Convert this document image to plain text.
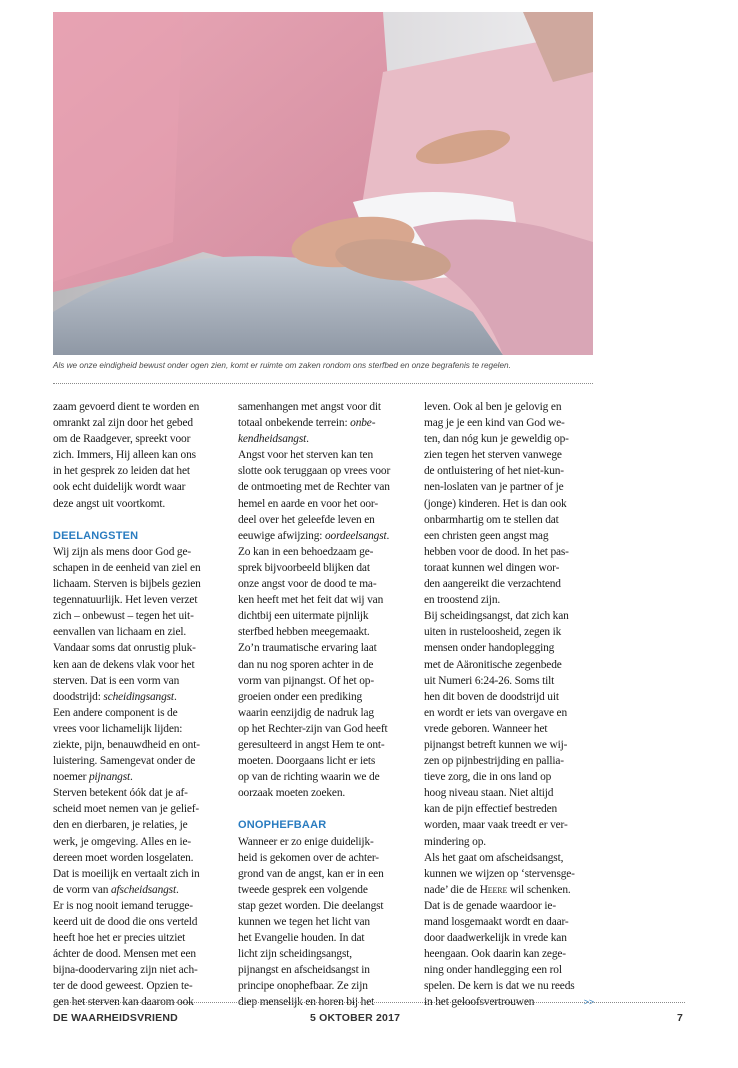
Als we onze eindigheid bewust onder ogen zien, komt er ruimte om zaken rondom ons sterfbed en onze begrafenis te regelen.
zaam gevoerd dient te worden en
omrankt zal zijn door het gebed
om de Raadgever, spreekt voor
zich. Immers, Hij alleen kan ons
in het gesprek zo leiden dat het
ook echt duidelijk wordt waar
deze angst uit voortkomt.
DEELANGSTEN
Wij zijn als mens door God ge-
schapen in de eenheid van ziel en
lichaam. Sterven is bijbels gezien
tegennatuurlijk. Het leven verzet
zich – onbewust – tegen het uit-
eenvallen van lichaam en ziel.
Vandaar soms dat onrustig pluk-
ken aan de dekens vlak voor het
sterven. Dat is een vorm van
doodstrijd: scheidingsangst.
Een andere component is de
vrees voor lichamelijk lijden:
ziekte, pijn, benauwdheid en ont-
luistering. Samengevat onder de
noemer pijnangst.
Sterven betekent óók dat je af-
scheid moet nemen van je gelief-
den en dierbaren, je relaties, je
werk, je omgeving. Alles en ie-
dereen moet worden losgelaten.
Dat is moeilijk en vertaalt zich in
de vorm van afscheidsangst.
Er is nog nooit iemand teruggе-
keerd uit de dood die ons verteld
heeft hoe het er precies uitziet
áchter de dood. Mensen met een
bijna-doodervaring zijn niet ach-
ter de dood geweest. Opzien te-
gen het sterven kan daarom ook
samenhangen met angst voor dit
totaal onbekende terrein: onbe-
kendheidsangst.
Angst voor het sterven kan ten
slotte ook teruggaan op vrees voor
de ontmoeting met de Rechter van
hemel en aarde en voor het oor-
deel over het geleefde leven en
eeuwige afwijzing: oordeelsangst.
Zo kan in een behoedzaam ge-
sprek bijvoorbeeld blijken dat
onze angst voor de dood te ma-
ken heeft met het feit dat wij van
dichtbij een uitermate pijnlijk
sterfbed hebben meegemaakt.
Zo’n traumatische ervaring laat
dan nu nog sporen achter in de
vorm van pijnangst. Of het op-
groeien onder een prediking
waarin eenzijdig de nadruk lag
op het Rechter-zijn van God heeft
geresulteerd in angst Hem te ont-
moeten. Doorgaans licht er iets
op van de richting waarin we de
oorzaak moeten zoeken.
ONOPHEFBAAR
Wanneer er zo enige duidelijk-
heid is gekomen over de achter-
grond van de angst, kan er in een
tweede gesprek een volgende
stap gezet worden. Die deelangst
kunnen we tegen het licht van
het Evangelie houden. In dat
licht zijn scheidingsangst,
pijnangst en afscheidsangst in
principe onophefbaar. Ze zijn
diep menselijk en horen bij het
leven. Ook al ben je gelovig en
mag je je een kind van God we-
ten, dan nóg kun je geweldig op-
zien tegen het sterven vanwege
de ontluistering of het niet-kun-
nen-loslaten van je partner of je
(jonge) kinderen. Het is dan ook
onbarmhartig om te stellen dat
een christen geen angst mag
hebben voor de dood. In het pas-
toraat kunnen wel dingen wor-
den aangereikt die verzachtend
en troostend zijn.
Bij scheidingsangst, dat zich kan
uiten in rusteloosheid, zegen ik
mensen onder handoplegging
met de Aäronitische zegenbede
uit Numeri 6:24-26. Soms tilt
hen dit boven de doodstrijd uit
en wordt er iets van overgave en
vrede geboren. Wanneer het
pijnangst betreft kunnen we wij-
zen op pijnbestrijding en pallia-
tieve zorg, die in ons land op
hoog niveau staan. Niet altijd
kan de pijn effectief bestreden
worden, maar vaak treedt er ver-
mindering op.
Als het gaat om afscheidsangst,
kunnen we wijzen op ‘stervensge-
nade’ die de Heere wil schenken.
Dat is de genade waardoor ie-
mand losgemaakt wordt en daar-
door daadwerkelijk in vrede kan
heengaan. Ook daarin kan zege-
ning onder handlegging een rol
spelen. De kern is dat we nu reeds
in het geloofsvertrouwen	>>
DE WAARHEIDSVRIEND	5 OKTOBER 2017	7
